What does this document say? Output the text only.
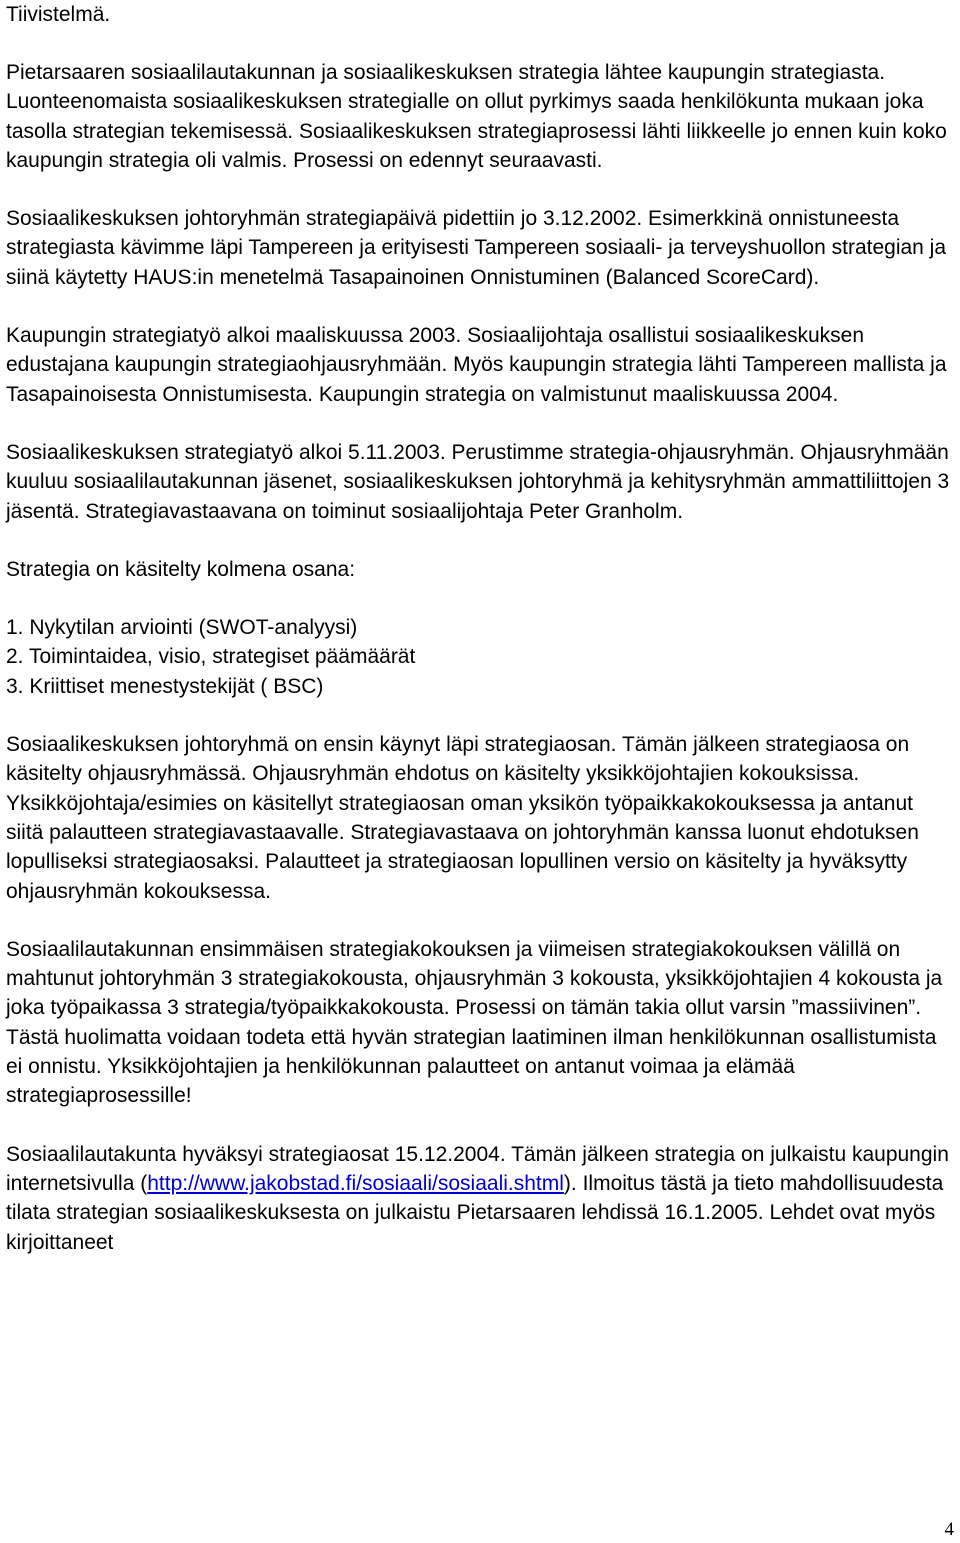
Tiivistelmä.

Pietarsaaren sosiaalilautakunnan ja sosiaalikeskuksen strategia lähtee kaupungin strategiasta. Luonteenomaista sosiaalikeskuksen strategialle on ollut pyrkimys saada henkilökunta mukaan joka tasolla strategian tekemisessä. Sosiaalikeskuksen strategiaprosessi lähti liikkeelle jo ennen kuin koko kaupungin strategia oli valmis. Prosessi on edennyt seuraavasti.

Sosiaalikeskuksen johtoryhmän strategiapäivä pidettiin jo 3.12.2002. Esimerkkinä onnistuneesta strategiasta kävimme läpi Tampereen ja erityisesti Tampereen sosiaali- ja terveyshuollon strategian ja siinä käytetty HAUS:in menetelmä Tasapainoinen Onnistuminen (Balanced ScoreCard).

Kaupungin strategiatyö alkoi maaliskuussa 2003. Sosiaalijohtaja osallistui sosiaalikeskuksen edustajana kaupungin strategiaohjausryhmään. Myös kaupungin strategia lähti Tampereen mallista ja Tasapainoisesta Onnistumisesta. Kaupungin strategia on valmistunut maaliskuussa 2004.

Sosiaalikeskuksen strategiatyö alkoi 5.11.2003. Perustimme strategia-ohjausryhmän. Ohjausryhmään kuuluu sosiaalilautakunnan jäsenet, sosiaalikeskuksen johtoryhmä ja kehitysryhmän ammattiliittojen 3 jäsentä. Strategiavastaavana on toiminut sosiaalijohtaja Peter Granholm.

Strategia on käsitelty kolmena osana:

1. Nykytilan arviointi (SWOT-analyysi)

2. Toimintaidea, visio, strategiset päämäärät

3. Kriittiset menestystekijät ( BSC)

Sosiaalikeskuksen johtoryhmä on ensin käynyt läpi strategiaosan. Tämän jälkeen strategiaosa on käsitelty ohjausryhmässä. Ohjausryhmän ehdotus on käsitelty yksikköjohtajien kokouksissa. Yksikköjohtaja/esimies on käsitellyt strategiaosan oman yksikön työpaikkakokouksessa ja antanut siitä palautteen strategiavastaavalle. Strategiavastaava on johtoryhmän kanssa luonut ehdotuksen lopulliseksi strategiaosaksi. Palautteet ja strategiaosan lopullinen versio on käsitelty ja hyväksytty ohjausryhmän kokouksessa.

Sosiaalilautakunnan ensimmäisen strategiakokouksen ja viimeisen strategiakokouksen välillä on mahtunut johtoryhmän 3 strategiakokousta, ohjausryhmän 3 kokousta, yksikköjohtajien 4 kokousta ja joka työpaikassa 3 strategia/työpaikkakokousta. Prosessi on tämän takia ollut varsin ”massiivinen”. Tästä huolimatta voidaan todeta että hyvän strategian laatiminen ilman henkilökunnan osallistumista ei onnistu. Yksikköjohtajien ja henkilökunnan palautteet on antanut voimaa ja elämää strategiaprosessille!

Sosiaalilautakunta hyväksyi strategiaosat 15.12.2004. Tämän jälkeen strategia on julkaistu kaupungin internetsivulla (http://www.jakobstad.fi/sosiaali/sosiaali.shtml). Ilmoitus tästä ja tieto mahdollisuudesta tilata strategian sosiaalikeskuksesta on julkaistu Pietarsaaren lehdissä 16.1.2005. Lehdet ovat myös kirjoittaneet

4
